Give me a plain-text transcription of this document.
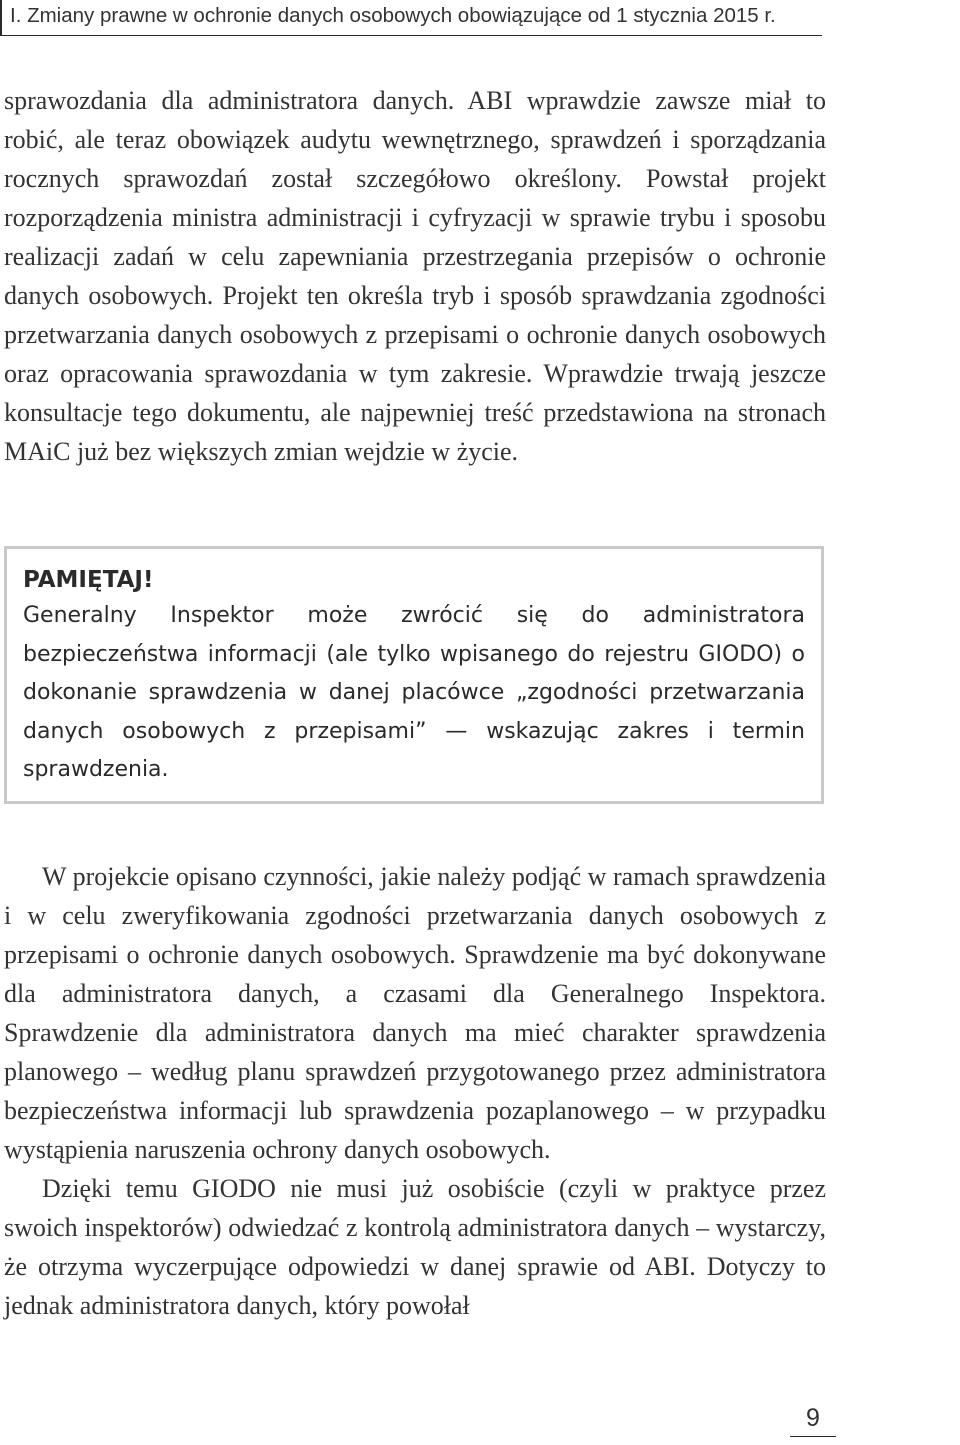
I. Zmiany prawne w ochronie danych osobowych obowiązujące od 1 stycznia 2015 r.

sprawozdania dla administratora danych. ABI wprawdzie zawsze miał to robić, ale teraz obowiązek audytu wewnętrznego, sprawdzeń i sporządzania rocznych sprawozdań został szczegółowo określony. Powstał projekt rozporządzenia ministra administracji i cyfryzacji w sprawie trybu i sposobu realizacji zadań w celu zapewniania przestrzegania przepisów o ochronie danych osobowych. Projekt ten określa tryb i sposób sprawdzania zgodności przetwarzania danych osobowych z przepisami o ochronie danych osobowych oraz opracowania sprawozdania w tym zakresie. Wprawdzie trwają jeszcze konsultacje tego dokumentu, ale najpewniej treść przedstawiona na stronach MAiC już bez większych zmian wejdzie w życie.

PAMIĘTAJ!

Generalny Inspektor może zwrócić się do administratora bezpieczeństwa informacji (ale tylko wpisanego do rejestru GIODO) o dokonanie sprawdzenia w danej placówce „zgodności przetwarzania danych osobowych z przepisami” — wskazując zakres i termin sprawdzenia.

W projekcie opisano czynności, jakie należy podjąć w ramach sprawdzenia i w celu zweryfikowania zgodności przetwarzania danych osobowych z przepisami o ochronie danych osobowych. Sprawdzenie ma być dokonywane dla administratora danych, a czasami dla Generalnego Inspektora. Sprawdzenie dla administratora danych ma mieć charakter sprawdzenia planowego – według planu sprawdzeń przygotowanego przez administratora bezpieczeństwa informacji lub sprawdzenia pozaplanowego – w przypadku wystąpienia naruszenia ochrony danych osobowych.

Dzięki temu GIODO nie musi już osobiście (czyli w praktyce przez swoich inspektorów) odwiedzać z kontrolą administratora danych – wystarczy, że otrzyma wyczerpujące odpowiedzi w danej sprawie od ABI. Dotyczy to jednak administratora danych, który powołał

9
